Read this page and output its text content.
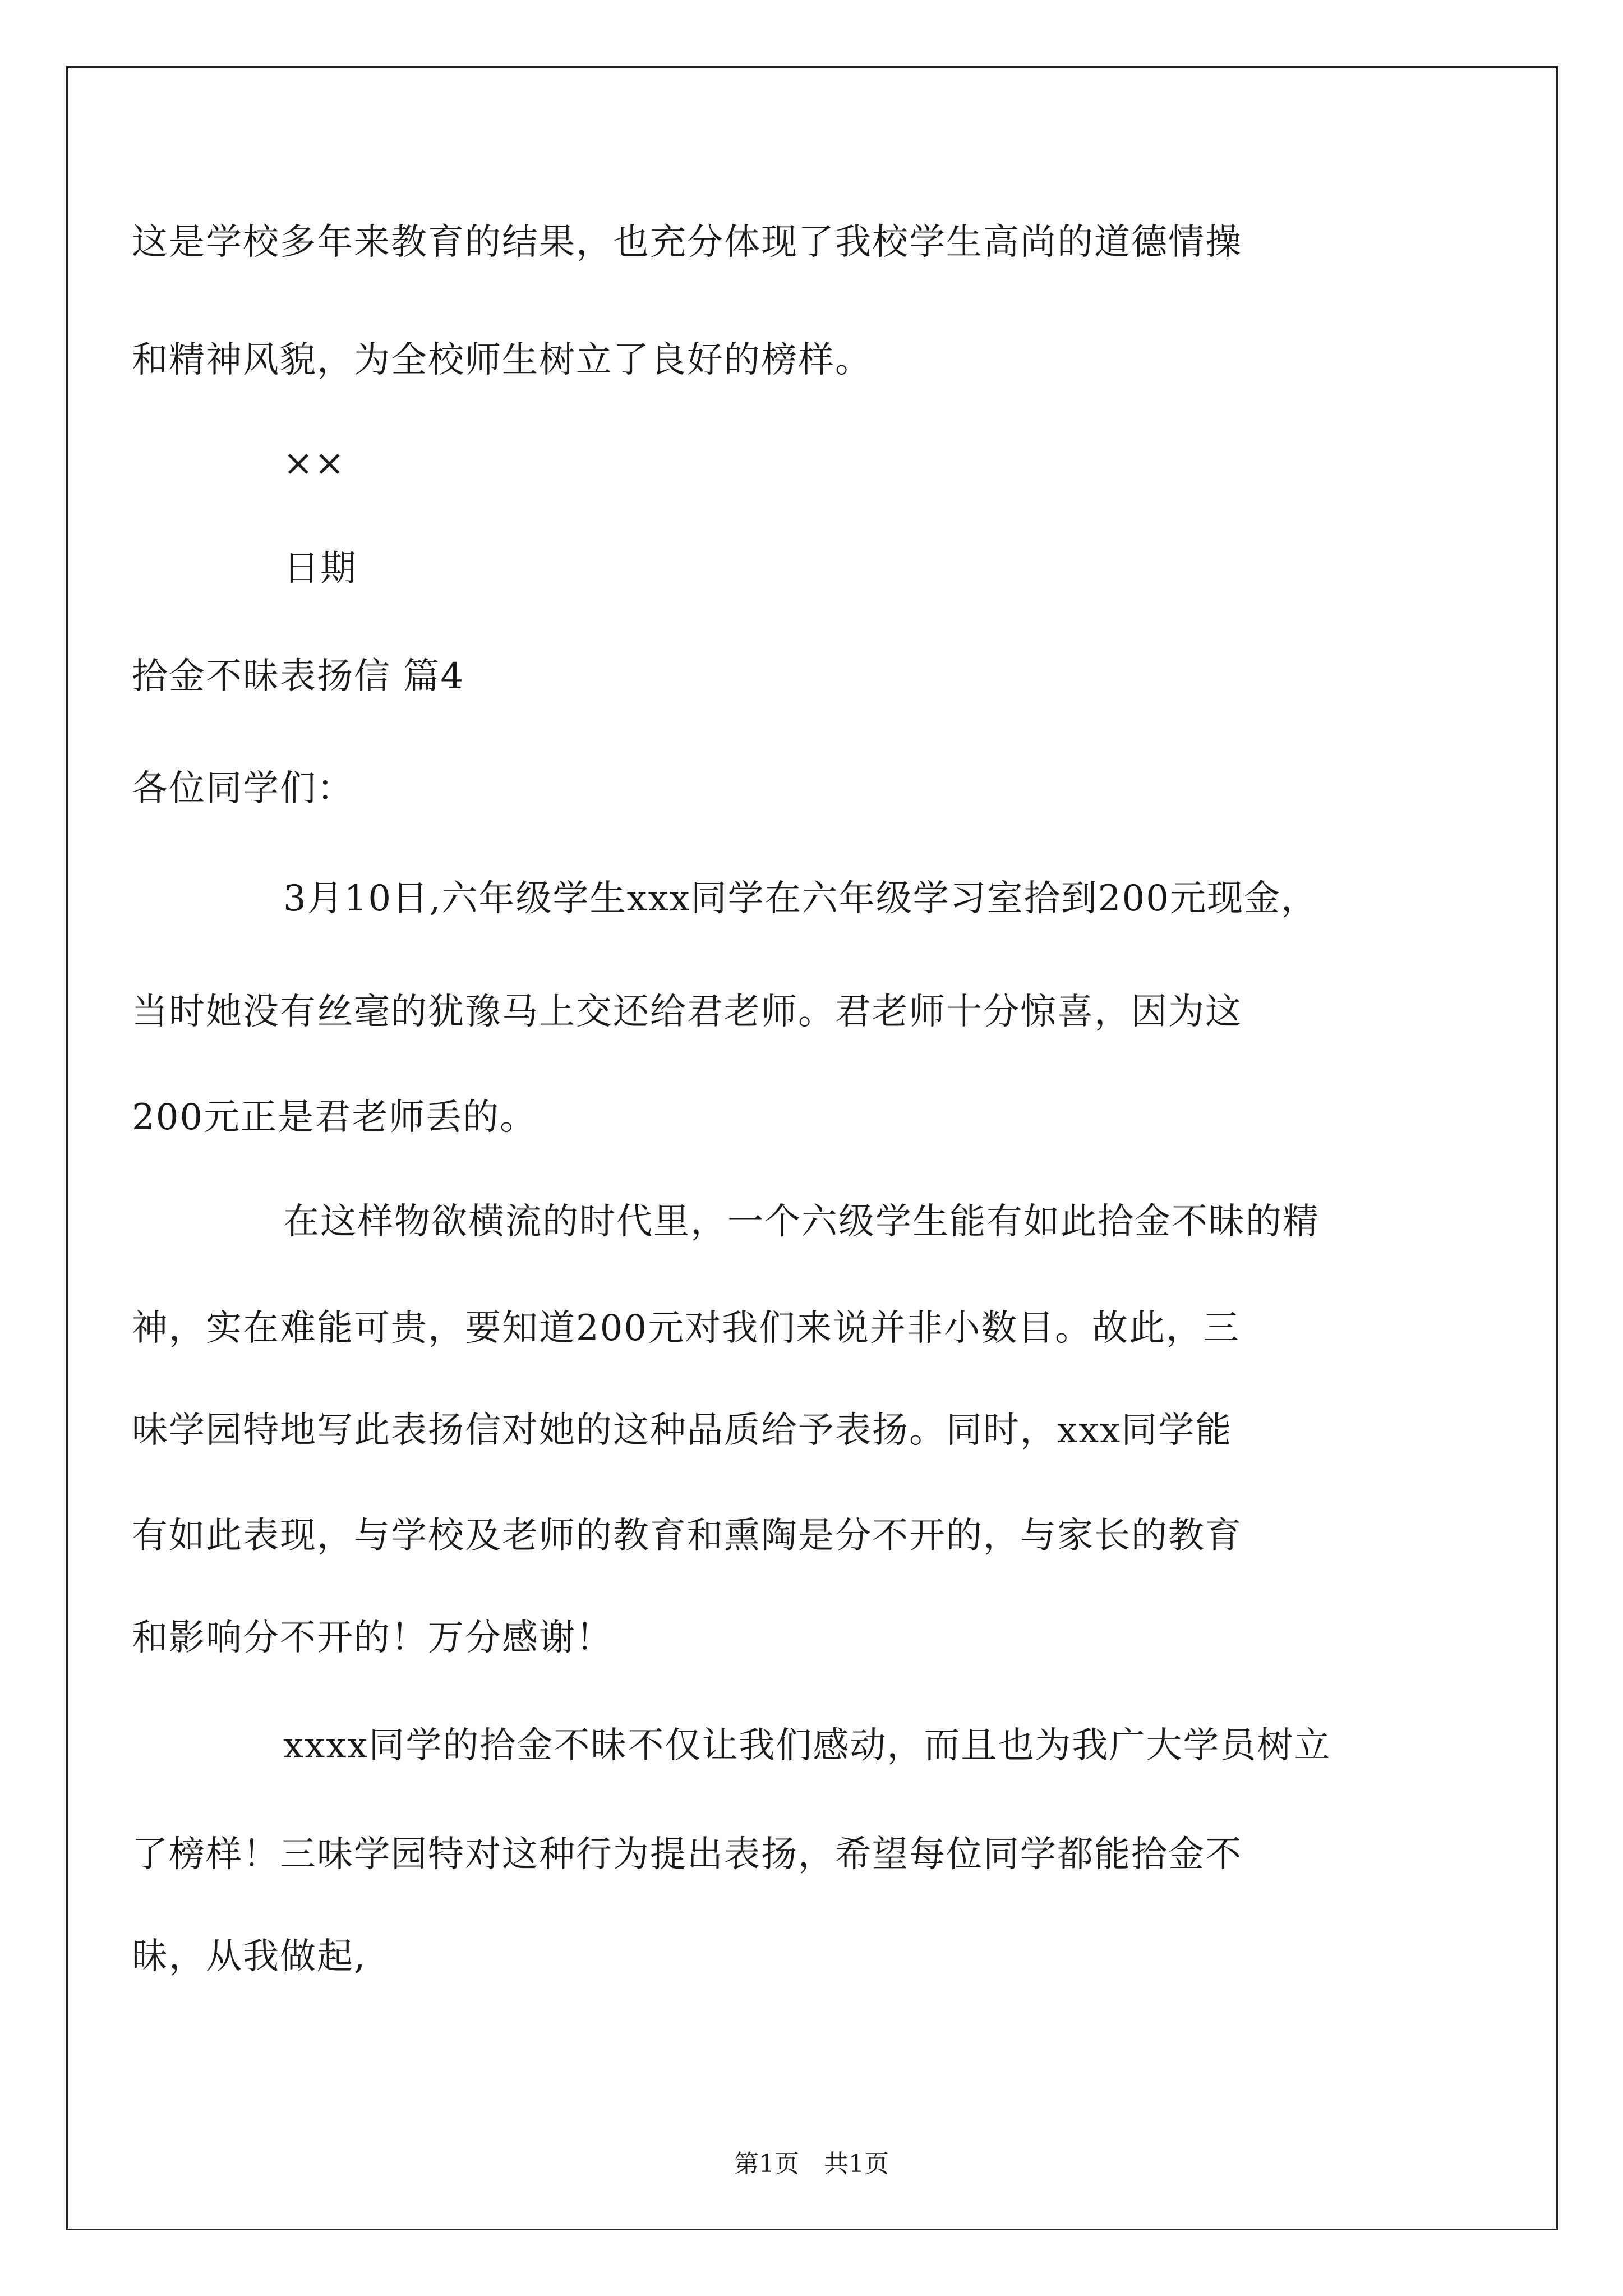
这是学校多年来教育的结果，也充分体现了我校学生高尚的道德情操
和精神风貌，为全校师生树立了良好的榜样。
××
日期
拾金不昧表扬信 篇4
各位同学们：
3月10日,六年级学生xxx同学在六年级学习室拾到200元现金，
当时她没有丝毫的犹豫马上交还给君老师。君老师十分惊喜，因为这
200元正是君老师丢的。
在这样物欲横流的时代里，一个六级学生能有如此拾金不昧的精
神，实在难能可贵，要知道200元对我们来说并非小数目。故此，三
味学园特地写此表扬信对她的这种品质给予表扬。同时，xxx同学能
有如此表现，与学校及老师的教育和熏陶是分不开的，与家长的教育
和影响分不开的！万分感谢！
xxxx同学的拾金不昧不仅让我们感动，而且也为我广大学员树立
了榜样！三味学园特对这种行为提出表扬，希望每位同学都能拾金不
昧，从我做起,
第1页　共1页
